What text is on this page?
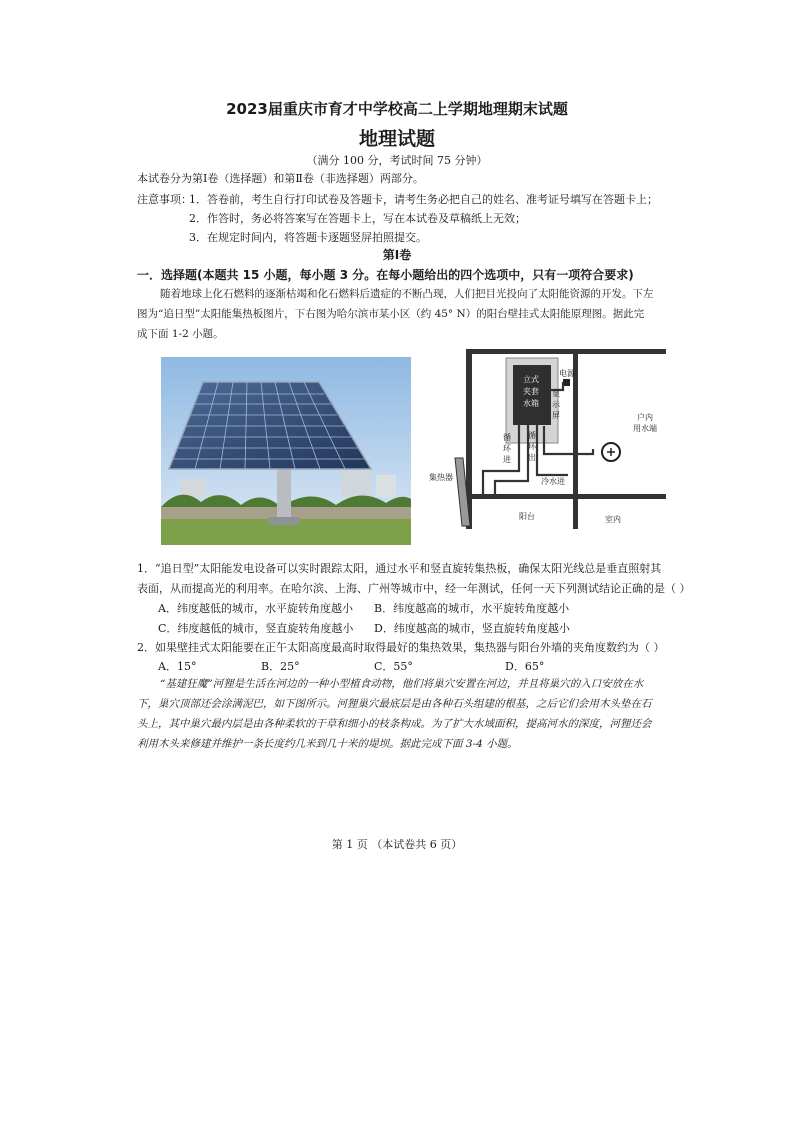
2023届重庆市育才中学校高二上学期地理期末试题
地理试题
（满分 100 分，考试时间 75 分钟）
本试卷分为第Ⅰ卷（选择题）和第Ⅱ卷（非选择题）两部分。
注意事项：
1．答卷前，考生自行打印试卷及答题卡，请考生务必把自己的姓名、准考证号填写在答题卡上；
2．作答时，务必将答案写在答题卡上，写在本试卷及草稿纸上无效；
3．在规定时间内，将答题卡逐题竖屏拍照提交。
第Ⅰ卷
一．选择题(本题共 15 小题，每小题 3 分。在每小题给出的四个选项中，只有一项符合要求)
随着地球上化石燃料的逐渐枯竭和化石燃料后遗症的不断凸现，人们把目光投向了太阳能资源的开发。下左
图为“追日型”太阳能集热板图片，下右图为哈尔滨市某小区（约 45° N）的阳台壁挂式太阳能原理图。据此完
成下面 1-2 小题。
立式
夹套
水箱
电源
显
示
屏
循
环
进
循
环
出
集热器	冷水进
户内
用水端
阳台	室内
1．“追日型”太阳能发电设备可以实时跟踪太阳，通过水平和竖直旋转集热板，确保太阳光线总是垂直照射其
表面，从而提高光的利用率。在哈尔滨、上海、广州等城市中，经一年测试，任何一天下列测试结论正确的是（ ）
A．纬度越低的城市，水平旋转角度越小 B．纬度越高的城市，水平旋转角度越小
C．纬度越低的城市，竖直旋转角度越小 D．纬度越高的城市，竖直旋转角度越小
2．如果壁挂式太阳能要在正午太阳高度最高时取得最好的集热效果，集热器与阳台外墙的夹角度数约为（ ）
A．15°	B．25°	C．55°	D．65°
“基建狂魔”河狸是生活在河边的一种小型植食动物，他们将巢穴安置在河边，并且将巢穴的入口安放在水
下，巢穴顶部还会涂满泥巴，如下图所示。河狸巢穴最底层是由各种石头组建的根基，之后它们会用木头垫在石
头上，其中巢穴最内层是由各种柔软的干草和细小的枝条构成。为了扩大水域面积，提高河水的深度，河狸还会
利用木头来修建并维护一条长度约几米到几十米的堤坝。据此完成下面 3-4 小题。
第 1 页 （本试卷共 6 页）
